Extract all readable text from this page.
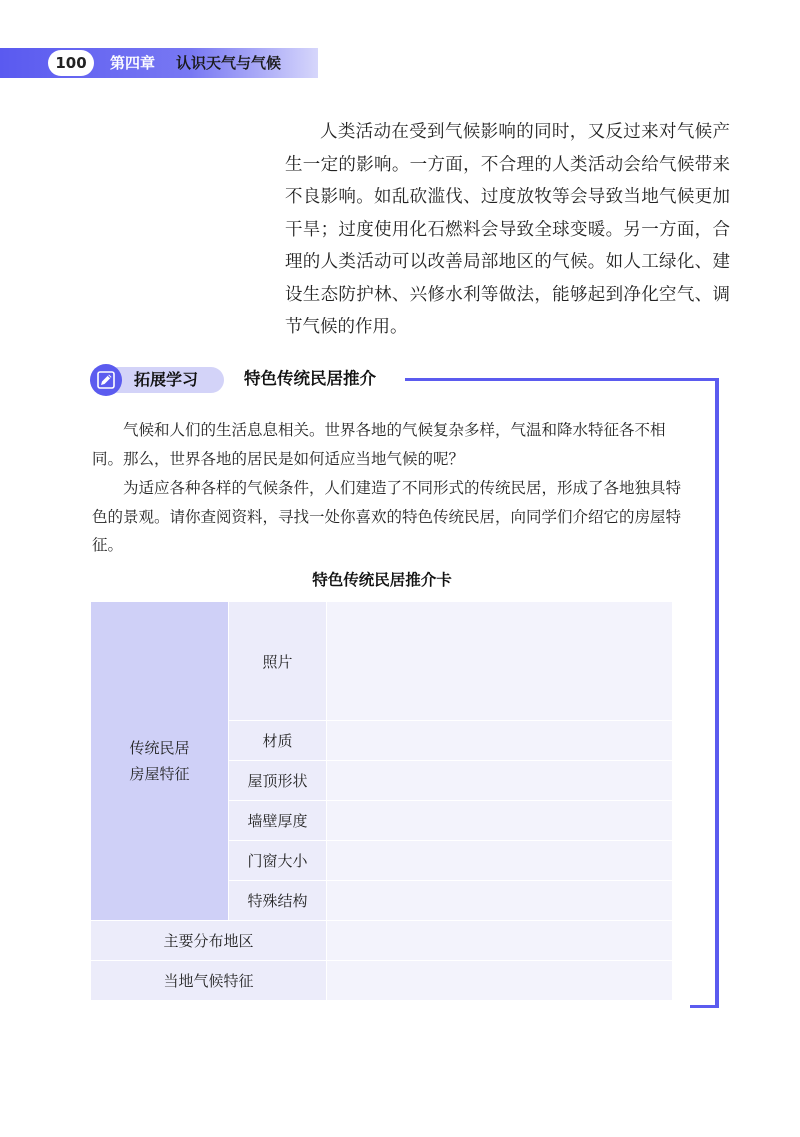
100	第四章 认识天气与气候

人类活动在受到气候影响的同时，又反过来对气候产生一定的影响。一方面，不合理的人类活动会给气候带来不良影响。如乱砍滥伐、过度放牧等会导致当地气候更加干旱；过度使用化石燃料会导致全球变暖。另一方面，合理的人类活动可以改善局部地区的气候。如人工绿化、建设生态防护林、兴修水利等做法，能够起到净化空气、调节气候的作用。

拓展学习	特色传统民居推介

气候和人们的生活息息相关。世界各地的气候复杂多样，气温和降水特征各不相同。那么，世界各地的居民是如何适应当地气候的呢？

为适应各种各样的气候条件，人们建造了不同形式的传统民居，形成了各地独具特色的景观。请你查阅资料，寻找一处你喜欢的特色传统民居，向同学们介绍它的房屋特征。

特色传统民居推介卡
传统民居
房屋特征	照片	
	材质	
	屋顶形状	
	墙壁厚度	
	门窗大小	
	特殊结构	
主要分布地区		
当地气候特征		
